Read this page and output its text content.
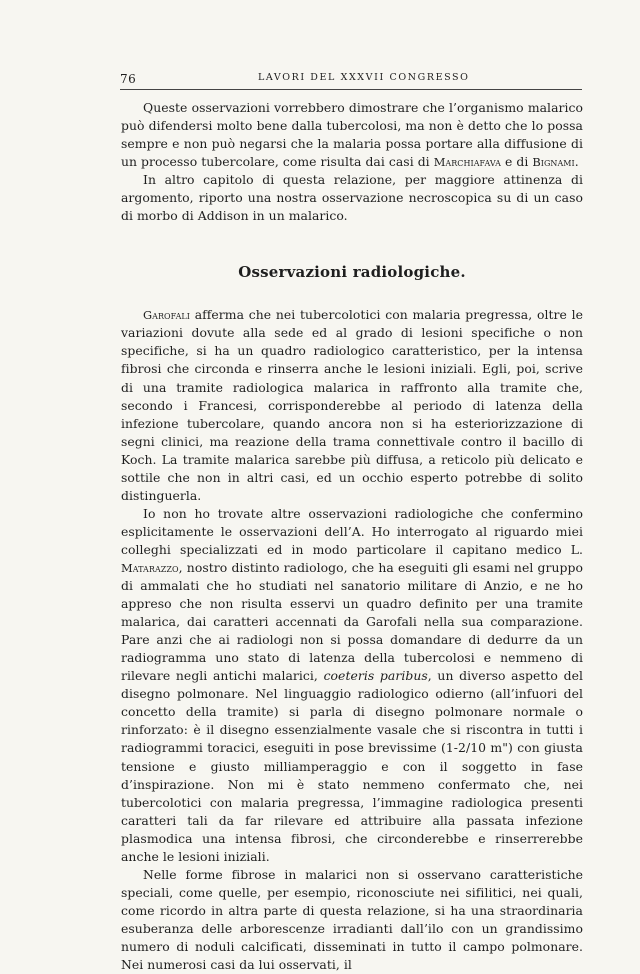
76	LAVORI DEL XXXVII CONGRESSO

Queste osservazioni vorrebbero dimostrare che l’organismo malarico può difendersi molto bene dalla tubercolosi, ma non è detto che lo possa sempre e non può negarsi che la malaria possa portare alla diffusione di un processo tubercolare, come risulta dai casi di Marchiafava e di Bignami.

In altro capitolo di questa relazione, per maggiore attinenza di argomento, riporto una nostra osservazione necroscopica su di un caso di morbo di Addison in un malarico.

Osservazioni radiologiche.

Garofali afferma che nei tubercolotici con malaria pregressa, oltre le variazioni dovute alla sede ed al grado di lesioni specifiche o non specifiche, si ha un quadro radiologico caratteristico, per la intensa fibrosi che circonda e rinserra anche le lesioni iniziali. Egli, poi, scrive di una tramite radiologica malarica in raffronto alla tramite che, secondo i Francesi, corrisponderebbe al periodo di latenza della infezione tubercolare, quando ancora non si ha esteriorizzazione di segni clinici, ma reazione della trama connettivale contro il bacillo di Koch. La tramite malarica sarebbe più diffusa, a reticolo più delicato e sottile che non in altri casi, ed un occhio esperto potrebbe di solito distinguerla.

Io non ho trovate altre osservazioni radiologiche che confermino esplicitamente le osservazioni dell’A. Ho interrogato al riguardo miei colleghi specializzati ed in modo particolare il capitano medico L. Matarazzo, nostro distinto radiologo, che ha eseguiti gli esami nel gruppo di ammalati che ho studiati nel sanatorio militare di Anzio, e ne ho appreso che non risulta esservi un quadro definito per una tramite malarica, dai caratteri accennati da Garofali nella sua comparazione. Pare anzi che ai radiologi non si possa domandare di dedurre da un radiogramma uno stato di latenza della tubercolosi e nemmeno di rilevare negli antichi malarici, coeteris paribus, un diverso aspetto del disegno polmonare. Nel linguaggio radiologico odierno (all’infuori del concetto della tramite) si parla di disegno polmonare normale o rinforzato: è il disegno essenzialmente vasale che si riscontra in tutti i radiogrammi toracici, eseguiti in pose brevissime (1-2/10 m") con giusta tensione e giusto milliamperaggio e con il soggetto in fase d’inspirazione. Non mi è stato nemmeno confermato che, nei tubercolotici con malaria pregressa, l’immagine radiologica presenti caratteri tali da far rilevare ed attribuire alla passata infezione plasmodica una intensa fibrosi, che circonderebbe e rinserrerebbe anche le lesioni iniziali.

Nelle forme fibrose in malarici non si osservano caratteristiche speciali, come quelle, per esempio, riconosciute nei sifilitici, nei quali, come ricordo in altra parte di questa relazione, si ha una straordinaria esuberanza delle arborescenze irradianti dall’ilo con un grandissimo numero di noduli calcificati, disseminati in tutto il campo polmonare. Nei numerosi casi da lui osservati, il
